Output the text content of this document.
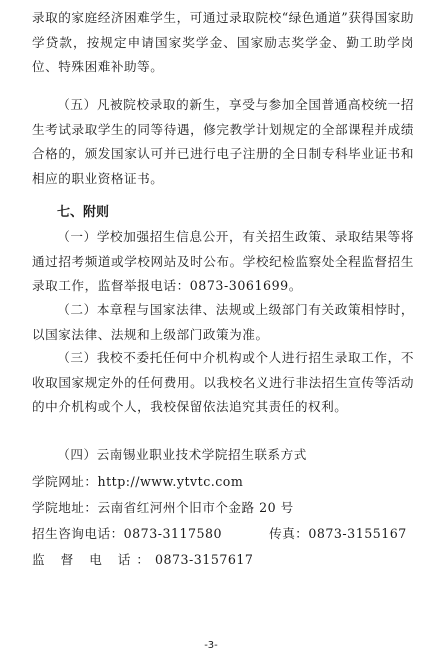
录取的家庭经济困难学生，可通过录取院校“绿色通道”获得国家助学贷款，按规定申请国家奖学金、国家励志奖学金、勤工助学岗位、特殊困难补助等。

（五）凡被院校录取的新生，享受与参加全国普通高校统一招生考试录取学生的同等待遇，修完教学计划规定的全部课程并成绩合格的，颁发国家认可并已进行电子注册的全日制专科毕业证书和相应的职业资格证书。

七、附则

（一）学校加强招生信息公开，有关招生政策、录取结果等将通过招考频道或学校网站及时公布。学校纪检监察处全程监督招生录取工作，监督举报电话：0873-3061699。

（二）本章程与国家法律、法规或上级部门有关政策相悖时，以国家法律、法规和上级部门政策为准。

（三）我校不委托任何中介机构或个人进行招生录取工作，不收取国家规定外的任何费用。以我校名义进行非法招生宣传等活动的中介机构或个人，我校保留依法追究其责任的权利。

（四）云南锡业职业技术学院招生联系方式

学院网址：http://www.ytvtc.com
学院地址：云南省红河州个旧市个金路 20 号
招生咨询电话：0873-3117580	传真：0873-3155167
监 督 电 话：0873-3157617
-3-
